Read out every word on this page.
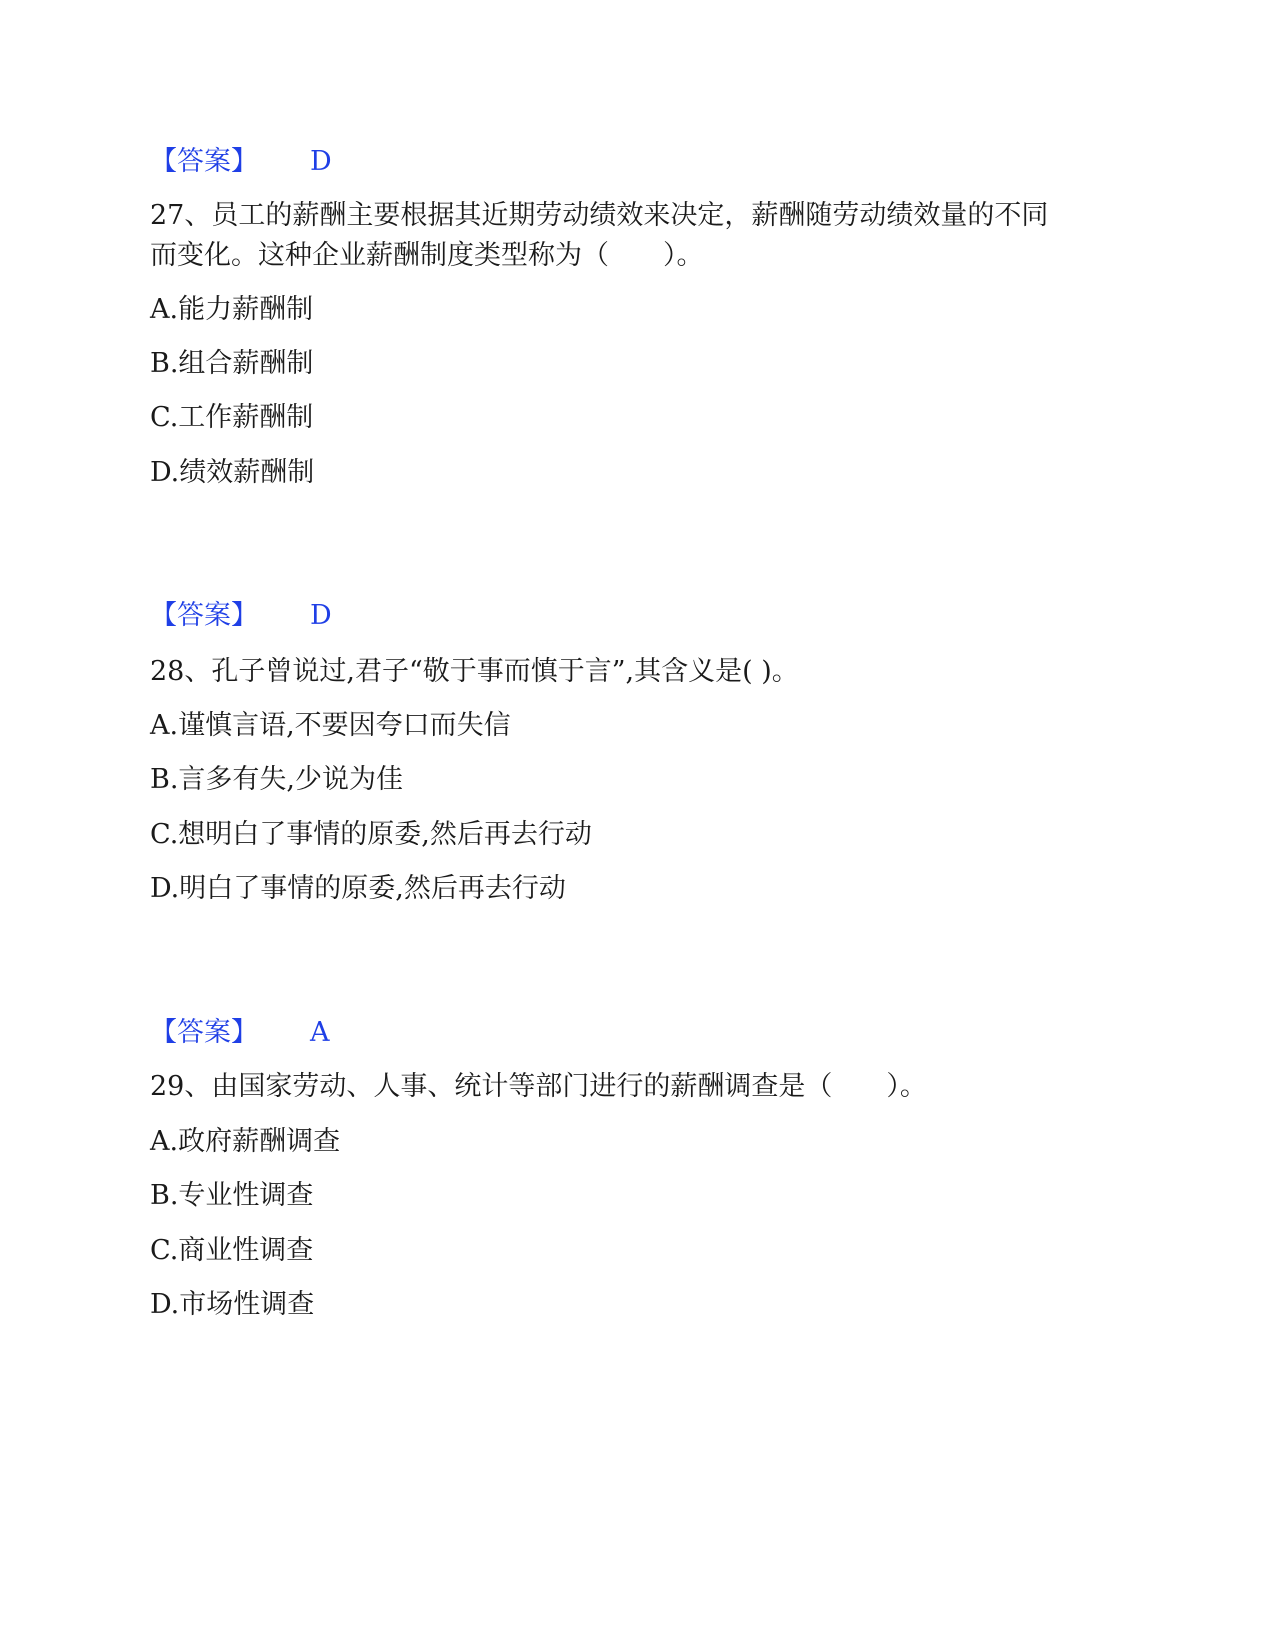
【答案】 D
27、员工的薪酬主要根据其近期劳动绩效来决定，薪酬随劳动绩效量的不同
而变化。这种企业薪酬制度类型称为（　　）。
A.能力薪酬制
B.组合薪酬制
C.工作薪酬制
D.绩效薪酬制
【答案】 D
28、孔子曾说过,君子“敬于事而慎于言”,其含义是( )。
A.谨慎言语,不要因夸口而失信
B.言多有失,少说为佳
C.想明白了事情的原委,然后再去行动
D.明白了事情的原委,然后再去行动
【答案】 A
29、由国家劳动、人事、统计等部门进行的薪酬调查是（　　）。
A.政府薪酬调查
B.专业性调查
C.商业性调查
D.市场性调查
